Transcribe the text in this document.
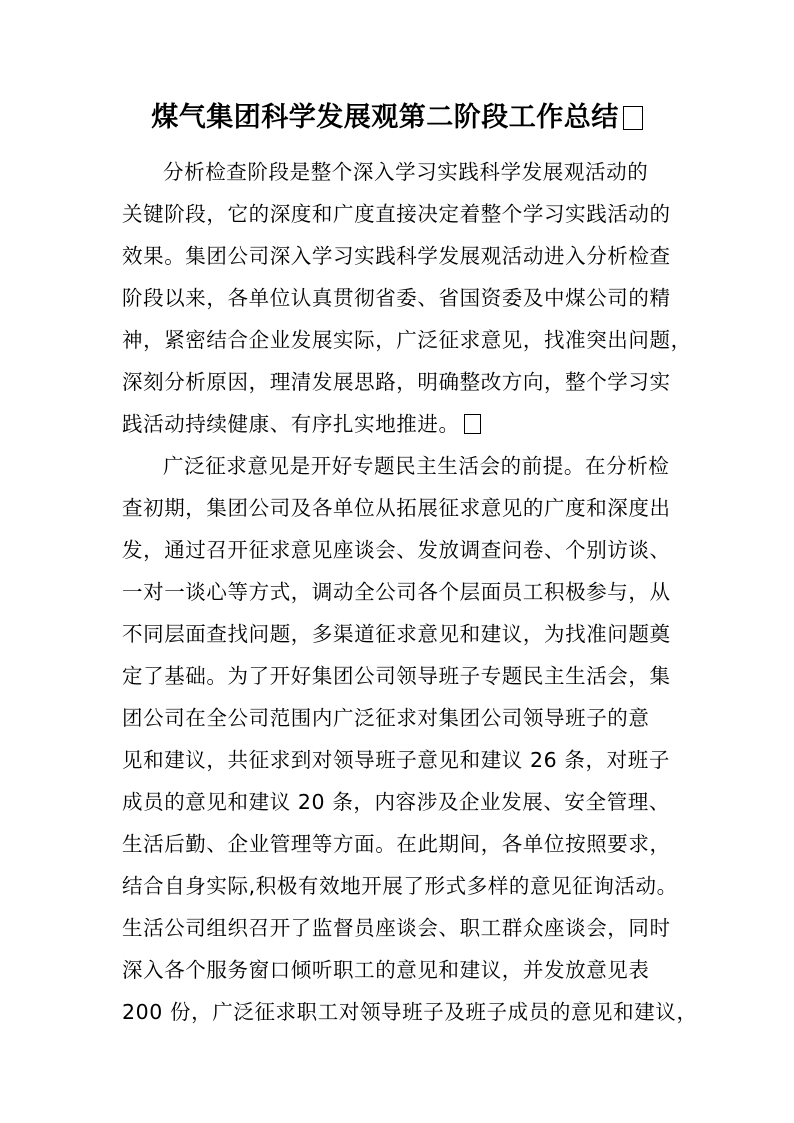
煤气集团科学发展观第二阶段工作总结
分析检查阶段是整个深入学习实践科学发展观活动的
关键阶段，它的深度和广度直接决定着整个学习实践活动的
效果。集团公司深入学习实践科学发展观活动进入分析检查
阶段以来，各单位认真贯彻省委、省国资委及中煤公司的精
神，紧密结合企业发展实际，广泛征求意见，找准突出问题，
深刻分析原因，理清发展思路，明确整改方向，整个学习实
践活动持续健康、有序扎实地推进。
广泛征求意见是开好专题民主生活会的前提。在分析检
查初期，集团公司及各单位从拓展征求意见的广度和深度出
发，通过召开征求意见座谈会、发放调查问卷、个别访谈、
一对一谈心等方式，调动全公司各个层面员工积极参与，从
不同层面查找问题，多渠道征求意见和建议，为找准问题奠
定了基础。为了开好集团公司领导班子专题民主生活会，集
团公司在全公司范围内广泛征求对集团公司领导班子的意
见和建议，共征求到对领导班子意见和建议 26 条，对班子
成员的意见和建议 20 条，内容涉及企业发展、安全管理、
生活后勤、企业管理等方面。在此期间，各单位按照要求，
结合自身实际,积极有效地开展了形式多样的意见征询活动。
生活公司组织召开了监督员座谈会、职工群众座谈会，同时
深入各个服务窗口倾听职工的意见和建议，并发放意见表
200 份，广泛征求职工对领导班子及班子成员的意见和建议，
